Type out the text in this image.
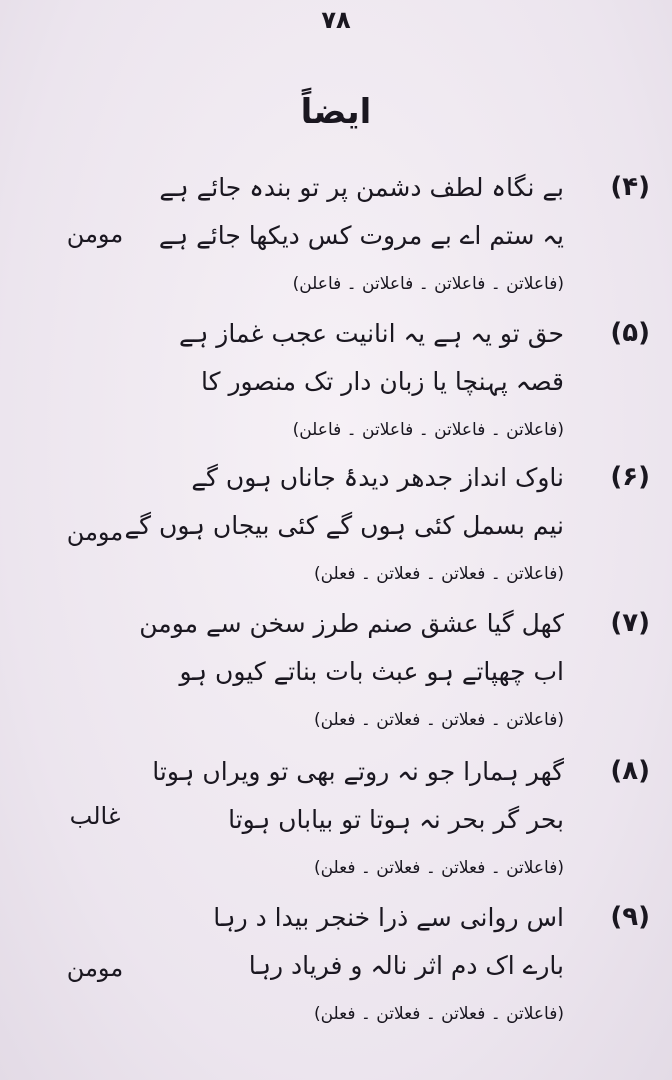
۷۸
ایضاً
(۴)
بے نگاہ لطف دشمن پر تو بندہ جائے ہے
یہ ستم اے بے مروت کس دیکھا جائے ہے
(فاعلاتن ۔ فاعلاتن ۔ فاعلاتن ۔ فاعلن)
مومن
(۵)
حق تو یہ ہے یہ انانیت عجب غماز ہے
قصہ پہنچا یا زبان دار تک منصور کا
(فاعلاتن ۔ فاعلاتن ۔ فاعلاتن ۔ فاعلن)
(۶)
ناوک انداز جدھر دیدۂ جاناں ہوں گے
نیم بسمل کئی ہوں گے کئی بیجاں ہوں گے
(فاعلاتن ۔ فعلاتن ۔ فعلاتن ۔ فعلن)
مومن
(۷)
کھل گیا عشق صنم طرز سخن سے مومن
اب چھپاتے ہو عبث بات بناتے کیوں ہو
(فاعلاتن ۔ فعلاتن ۔ فعلاتن ۔ فعلن)
(۸)
گھر ہمارا جو نہ روتے بھی تو ویراں ہوتا
بحر گر بحر نہ ہوتا تو بیاباں ہوتا
(فاعلاتن ۔ فعلاتن ۔ فعلاتن ۔ فعلن)
غالب
(۹)
اس روانی سے ذرا خنجر بیدا د رہا
بارے اک دم اثر نالہ و فریاد رہا
(فاعلاتن ۔ فعلاتن ۔ فعلاتن ۔ فعلن)
مومن
